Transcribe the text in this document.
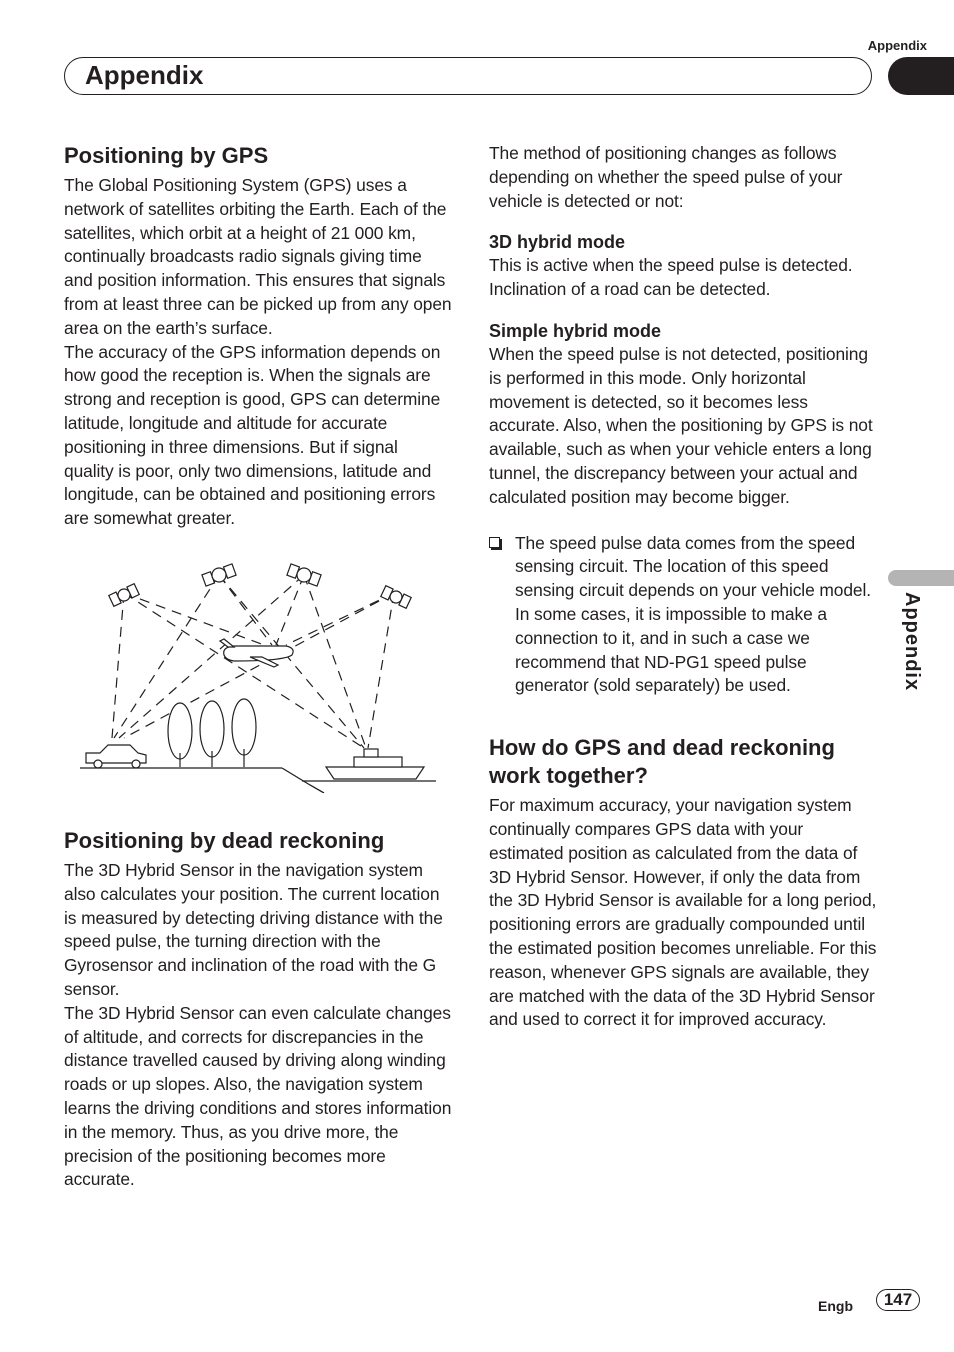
Appendix
Appendix
Appendix
Positioning by GPS

The Global Positioning System (GPS) uses a network of satellites orbiting the Earth. Each of the satellites, which orbit at a height of 21 000 km, continually broadcasts radio signals giving time and position information. This ensures that signals from at least three can be picked up from any open area on the earth’s surface.

The accuracy of the GPS information depends on how good the reception is. When the signals are strong and reception is good, GPS can determine latitude, longitude and altitude for accurate positioning in three dimensions. But if signal quality is poor, only two dimensions, latitude and longitude, can be obtained and positioning errors are somewhat greater.

Positioning by dead reckoning

The 3D Hybrid Sensor in the navigation system also calculates your position. The current location is measured by detecting driving distance with the speed pulse, the turning direction with the Gyrosensor and inclination of the road with the G sensor.

The 3D Hybrid Sensor can even calculate changes of altitude, and corrects for discrepancies in the distance travelled caused by driving along winding roads or up slopes. Also, the navigation system learns the driving conditions and stores information in the memory. Thus, as you drive more, the precision of the positioning becomes more accurate.

The method of positioning changes as follows depending on whether the speed pulse of your vehicle is detected or not:

3D hybrid mode

This is active when the speed pulse is detected. Inclination of a road can be detected.

Simple hybrid mode

When the speed pulse is not detected, positioning is performed in this mode. Only horizontal movement is detected, so it becomes less accurate. Also, when the positioning by GPS is not available, such as when your vehicle enters a long tunnel, the discrepancy between your actual and calculated position may become bigger.

The speed pulse data comes from the speed sensing circuit. The location of this speed sensing circuit depends on your vehicle model. In some cases, it is impossible to make a connection to it, and in such a case we recommend that ND-PG1 speed pulse generator (sold separately) be used.

How do GPS and dead reckoning work together?

For maximum accuracy, your navigation system continually compares GPS data with your estimated position as calculated from the data of 3D Hybrid Sensor. However, if only the data from the 3D Hybrid Sensor is available for a long period, positioning errors are gradually compounded until the estimated position becomes unreliable. For this reason, whenever GPS signals are available, they are matched with the data of the 3D Hybrid Sensor and used to correct it for improved accuracy.

Engb	147
